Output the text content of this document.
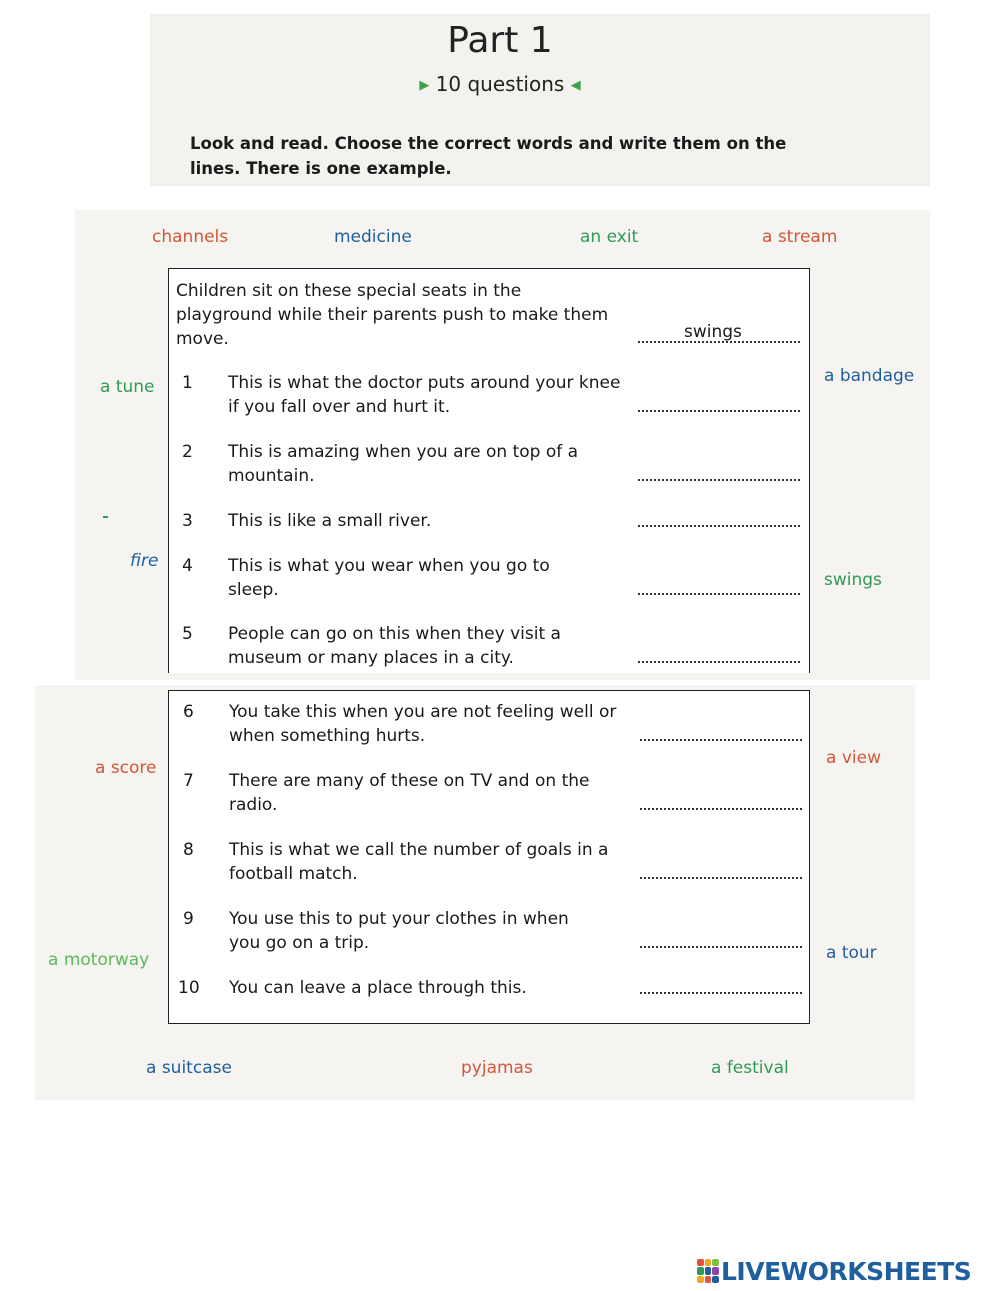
Part 1
▶ 10 questions ◀
Look and read. Choose the correct words and write them on the lines. There is one example.
channels	medicine	an exit	a stream
a tune
a bandage
fire
swings
a score	a view
a motorway	a tour
a suitcase	pyjamas	a festival
Children sit on these special seats in the playground while their parents push to make them move.	swings
1 This is what the doctor puts around your knee if you fall over and hurt it.
2 This is amazing when you are on top of a mountain.
3 This is like a small river.
4 This is what you wear when you go to sleep.
5 People can go on this when they visit a museum or many places in a city.
6 You take this when you are not feeling well or when something hurts.
7 There are many of these on TV and on the radio.
8 This is what we call the number of goals in a football match.
9 You use this to put your clothes in when you go on a trip.
10 You can leave a place through this.
LIVEWORKSHEETS
